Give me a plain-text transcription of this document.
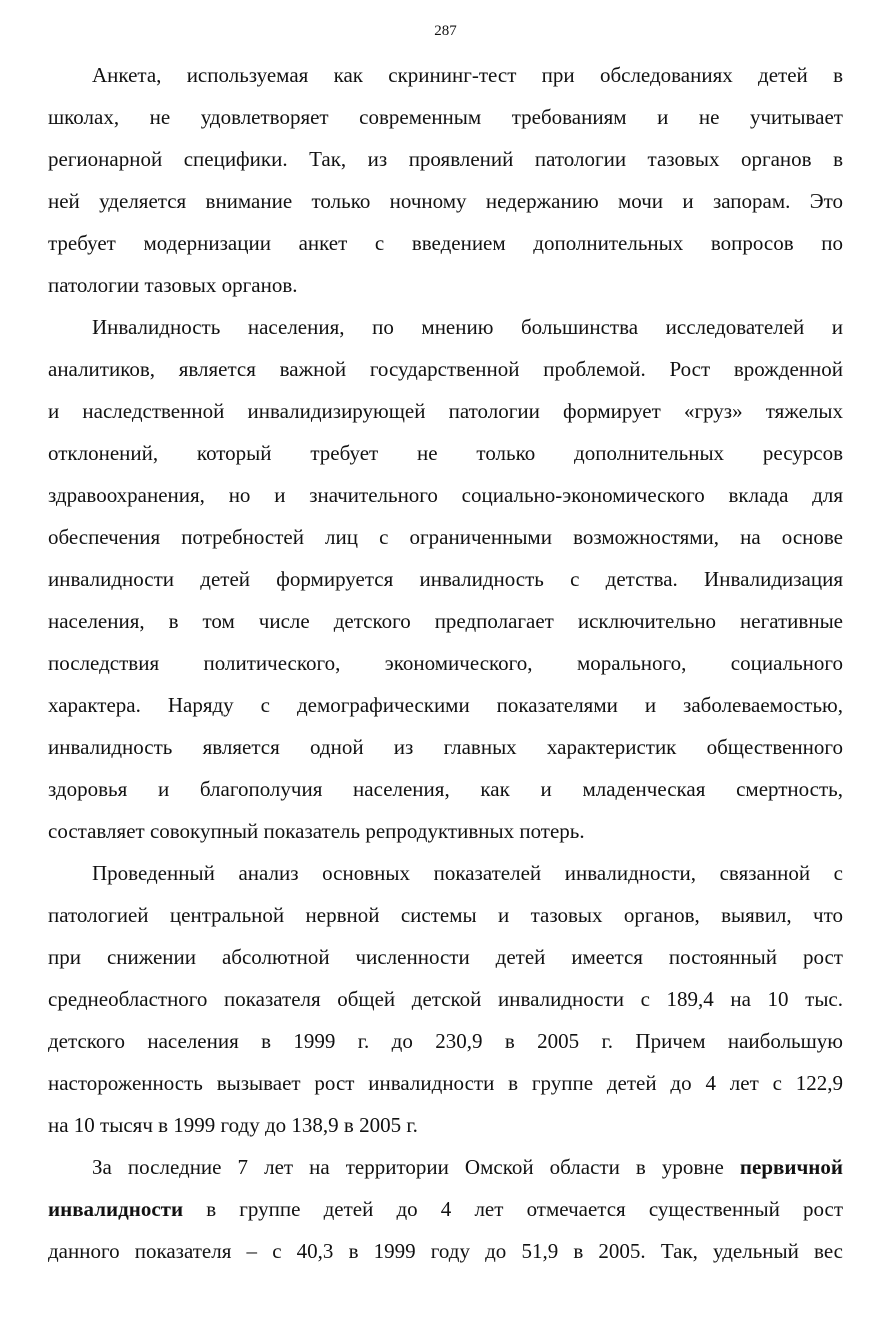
287
Анкета, используемая как скрининг-тест при обследованиях детей в
школах, не удовлетворяет современным требованиям и не учитывает
регионарной специфики. Так, из проявлений патологии тазовых органов в
ней уделяется внимание только ночному недержанию мочи и запорам. Это
требует модернизации анкет с введением дополнительных вопросов по
патологии тазовых органов.
Инвалидность населения, по мнению большинства исследователей и
аналитиков, является важной государственной проблемой. Рост врожденной
и наследственной инвалидизирующей патологии формирует «груз» тяжелых
отклонений, который требует не только дополнительных ресурсов
здравоохранения, но и значительного социально-экономического вклада для
обеспечения потребностей лиц с ограниченными возможностями, на основе
инвалидности детей формируется инвалидность с детства. Инвалидизация
населения, в том числе детского предполагает исключительно негативные
последствия политического, экономического, морального, социального
характера. Наряду с демографическими показателями и заболеваемостью,
инвалидность является одной из главных характеристик общественного
здоровья и благополучия населения, как и младенческая смертность,
составляет совокупный показатель репродуктивных потерь.
Проведенный анализ основных показателей инвалидности, связанной с
патологией центральной нервной системы и тазовых органов, выявил, что
при снижении абсолютной численности детей имеется постоянный рост
среднеобластного показателя общей детской инвалидности с 189,4 на 10 тыс.
детского населения в 1999 г. до 230,9 в 2005 г. Причем наибольшую
настороженность вызывает рост инвалидности в группе детей до 4 лет с 122,9
на 10 тысяч в 1999 году до 138,9 в 2005 г.
За последние 7 лет на территории Омской области в уровне первичной
инвалидности в группе детей до 4 лет отмечается существенный рост
данного показателя – с 40,3 в 1999 году до 51,9 в 2005. Так, удельный вес
